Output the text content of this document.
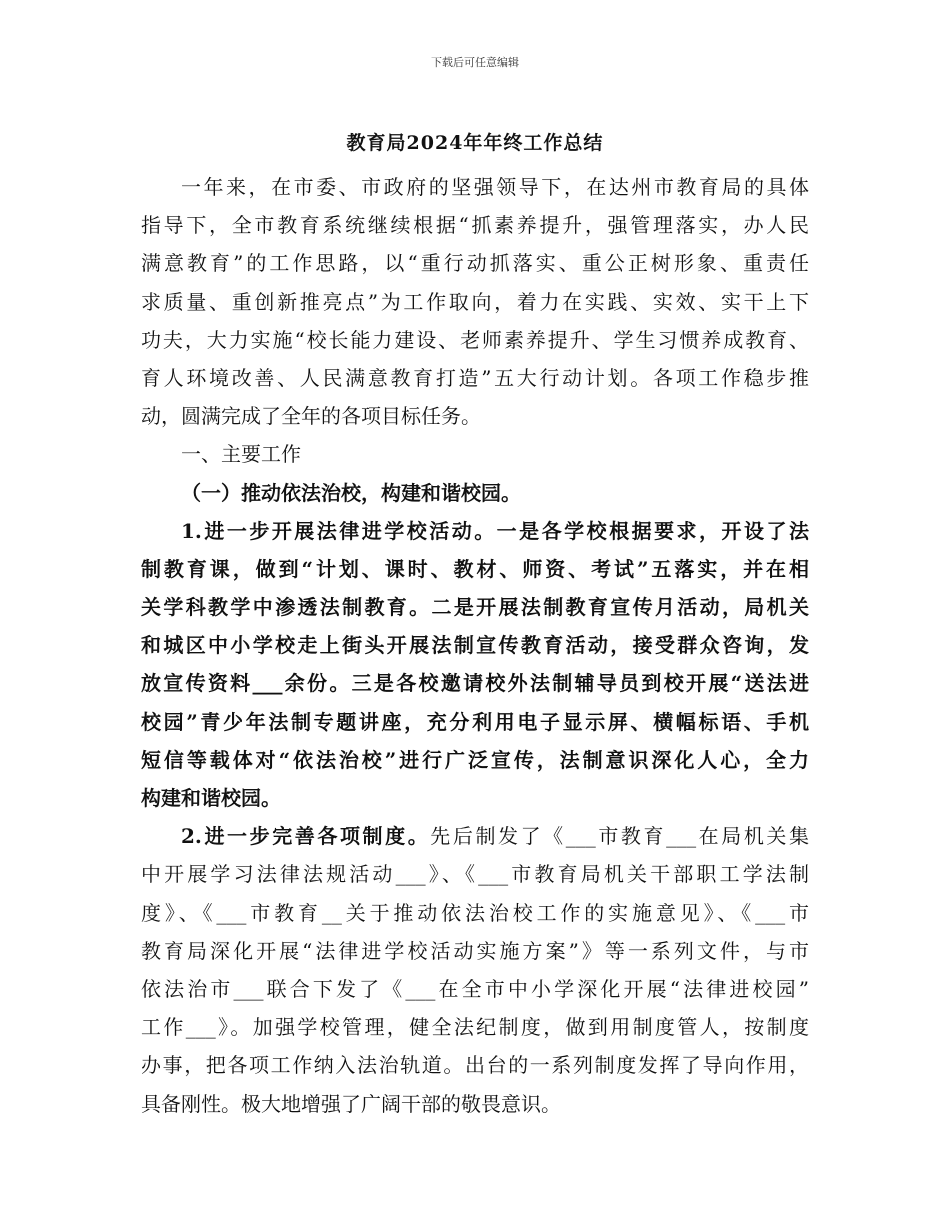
下载后可任意编辑
教育局2024年年终工作总结
一年来，在市委、市政府的坚强领导下，在达州市教育局的具体
指导下，全市教育系统继续根据“抓素养提升，强管理落实，办人民
满意教育”的工作思路，以“重行动抓落实、重公正树形象、重责任
求质量、重创新推亮点”为工作取向，着力在实践、实效、实干上下
功夫，大力实施“校长能力建设、老师素养提升、学生习惯养成教育、
育人环境改善、人民满意教育打造”五大行动计划。各项工作稳步推
动，圆满完成了全年的各项目标任务。
一、主要工作
（一）推动依法治校，构建和谐校园。
1.进一步开展法律进学校活动。一是各学校根据要求，开设了法
制教育课，做到“计划、课时、教材、师资、考试”五落实，并在相
关学科教学中渗透法制教育。二是开展法制教育宣传月活动，局机关
和城区中小学校走上街头开展法制宣传教育活动，接受群众咨询，发
放宣传资料___余份。三是各校邀请校外法制辅导员到校开展“送法进
校园”青少年法制专题讲座，充分利用电子显示屏、横幅标语、手机
短信等载体对“依法治校”进行广泛宣传，法制意识深化人心，全力
构建和谐校园。
2.进一步完善各项制度。先后制发了《___市教育___在局机关集
中开展学习法律法规活动___》、《___市教育局机关干部职工学法制
度》、《___市教育__关于推动依法治校工作的实施意见》、《___市
教育局深化开展“法律进学校活动实施方案”》等一系列文件，与市
依法治市___联合下发了《___在全市中小学深化开展“法律进校园”
工作___》。加强学校管理，健全法纪制度，做到用制度管人，按制度
办事，把各项工作纳入法治轨道。出台的一系列制度发挥了导向作用，
具备刚性。极大地增强了广阔干部的敬畏意识。
